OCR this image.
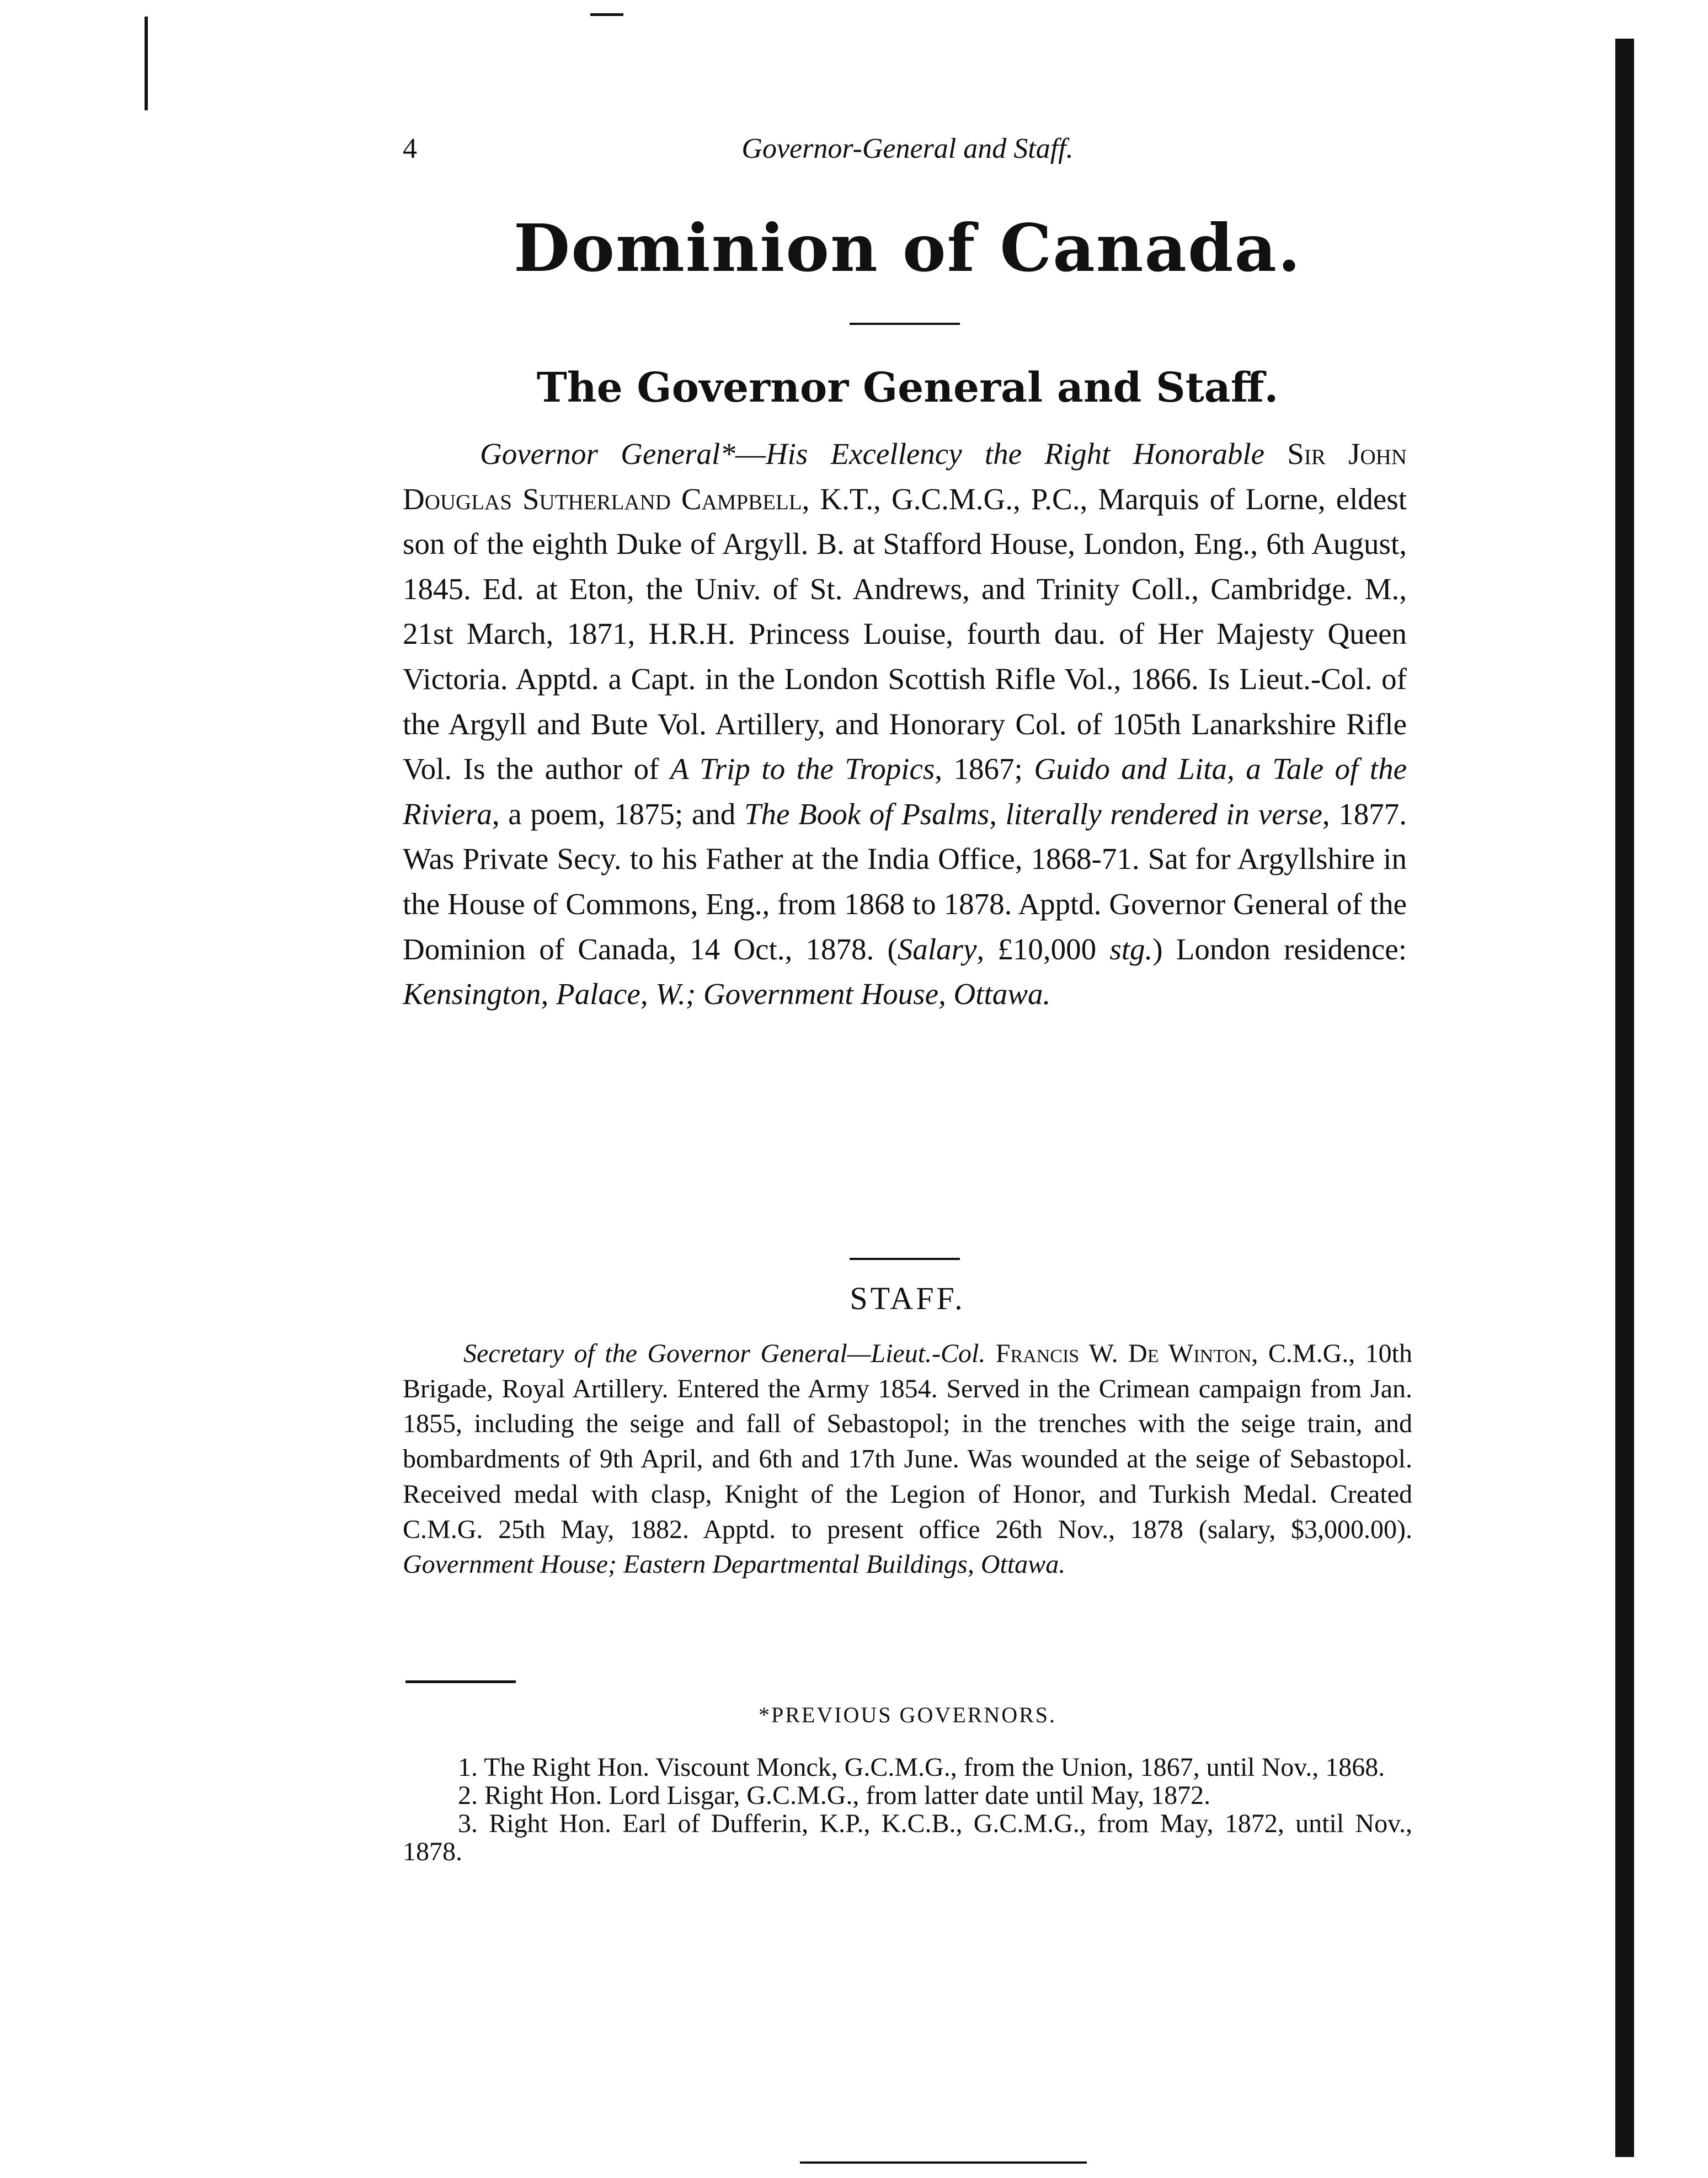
4	Governor-General and Staff.
Dominion of Canada.
The Governor General and Staff.

Governor General*—His Excellency the Right Honorable Sir John Douglas Sutherland Campbell, K.T., G.C.M.G., P.C., Marquis of Lorne, eldest son of the eighth Duke of Argyll. B. at Stafford House, London, Eng., 6th August, 1845. Ed. at Eton, the Univ. of St. Andrews, and Trinity Coll., Cambridge. M., 21st March, 1871, H.R.H. Princess Louise, fourth dau. of Her Majesty Queen Victoria. Apptd. a Capt. in the London Scottish Rifle Vol., 1866. Is Lieut.-Col. of the Argyll and Bute Vol. Artillery, and Honorary Col. of 105th Lanarkshire Rifle Vol. Is the author of A Trip to the Tropics, 1867; Guido and Lita, a Tale of the Riviera, a poem, 1875; and The Book of Psalms, literally rendered in verse, 1877. Was Private Secy. to his Father at the India Office, 1868-71. Sat for Argyllshire in the House of Commons, Eng., from 1868 to 1878. Apptd. Governor General of the Dominion of Canada, 14 Oct., 1878. (Salary, £10,000 stg.) London residence: Kensington, Palace, W.; Government House, Ottawa.

STAFF.

Secretary of the Governor General—Lieut.-Col. Francis W. De Winton, C.M.G., 10th Brigade, Royal Artillery. Entered the Army 1854. Served in the Crimean campaign from Jan. 1855, including the seige and fall of Sebastopol; in the trenches with the seige train, and bombardments of 9th April, and 6th and 17th June. Was wounded at the seige of Sebastopol. Received medal with clasp, Knight of the Legion of Honor, and Turkish Medal. Created C.M.G. 25th May, 1882. Apptd. to present office 26th Nov., 1878 (salary, $3,000.00). Government House; Eastern Departmental Buildings, Ottawa.

*PREVIOUS GOVERNORS.

1. The Right Hon. Viscount Monck, G.C.M.G., from the Union, 1867, until Nov., 1868.

2. Right Hon. Lord Lisgar, G.C.M.G., from latter date until May, 1872.

3. Right Hon. Earl of Dufferin, K.P., K.C.B., G.C.M.G., from May, 1872, until Nov., 1878.
